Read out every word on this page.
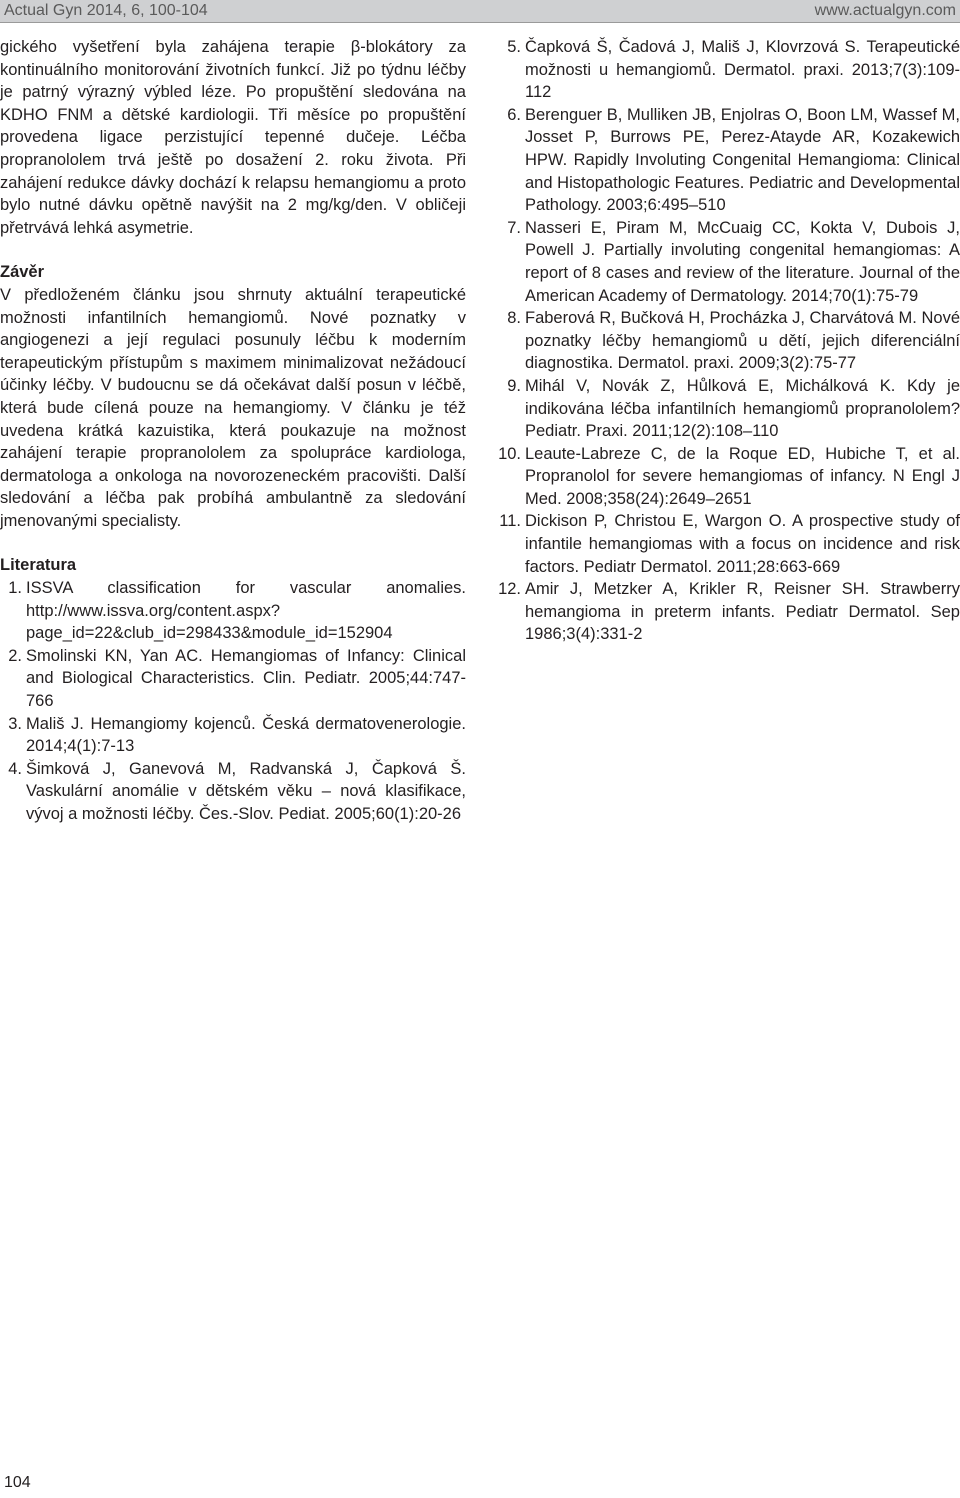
Actual Gyn 2014, 6, 100-104	www.actualgyn.com

gického vyšetření byla zahájena terapie β-blokátory za kontinuálního monitorování životních funkcí. Již po týdnu léčby je patrný výrazný výbled léze. Po propuštění sledována na KDHO FNM a dětské kardiologii. Tři měsíce po propuštění provedena ligace perzistující tepenné dučeje. Léčba propranololem trvá ještě po dosažení 2. roku života. Při zahájení redukce dávky dochází k relapsu hemangiomu a proto bylo nutné dávku opětně navýšit na 2 mg/kg/den. V obličeji přetrvává lehká asymetrie.

Závěr

V předloženém článku jsou shrnuty aktuální terapeutické možnosti infantilních hemangiomů. Nové poznatky v angiogenezi a její regulaci posunuly léčbu k moderním terapeutickým přístupům s maximem minimalizovat nežádoucí účinky léčby. V budoucnu se dá očekávat další posun v léčbě, která bude cílená pouze na hemangiomy. V článku je též uvedena krátká kazuistika, která poukazuje na možnost zahájení terapie propranololem za spolupráce kardiologa, dermatologa a onkologa na novorozeneckém pracovišti. Další sledování a léčba pak probíhá ambulantně za sledování jmenovanými specialisty.

Literatura

1. ISSVA classification for vascular anomalies. http://www.issva.org/content.aspx?page_id=22&club_id=298433&module_id=152904
2. Smolinski KN, Yan AC. Hemangiomas of Infancy: Clinical and Biological Characteristics. Clin. Pediatr. 2005;44:747-766
3. Mališ J. Hemangiomy kojenců. Česká dermatovenerologie. 2014;4(1):7-13
4. Šimková J, Ganevová M, Radvanská J, Čapková Š. Vaskulární anomálie v dětském věku – nová klasifikace, vývoj a možnosti léčby. Čes.-Slov. Pediat. 2005;60(1):20-26
5. Čapková Š, Čadová J, Mališ J, Klovrzová S. Terapeutické možnosti u hemangiomů. Dermatol. praxi. 2013;7(3):109-112
6. Berenguer B, Mulliken JB, Enjolras O, Boon LM, Wassef M, Josset P, Burrows PE, Perez-Atayde AR, Kozakewich HPW. Rapidly Involuting Congenital Hemangioma: Clinical and Histopathologic Features. Pediatric and Developmental Pathology. 2003;6:495–510
7. Nasseri E, Piram M, McCuaig CC, Kokta V, Dubois J, Powell J. Partially involuting congenital hemangiomas: A report of 8 cases and review of the literature. Journal of the American Academy of Dermatology. 2014;70(1):75-79
8. Faberová R, Bučková H, Procházka J, Charvátová M. Nové poznatky léčby hemangiomů u dětí, jejich diferenciální diagnostika. Dermatol. praxi. 2009;3(2):75-77
9. Mihál V, Novák Z, Hůlková E, Michálková K. Kdy je indikována léčba infantilních hemangiomů propranololem? Pediatr. Praxi. 2011;12(2):108–110
10. Leaute-Labreze C, de la Roque ED, Hubiche T, et al. Propranolol for severe hemangiomas of infancy. N Engl J Med. 2008;358(24):2649–2651
11. Dickison P, Christou E, Wargon O. A prospective study of infantile hemangiomas with a focus on incidence and risk factors. Pediatr Dermatol. 2011;28:663-669
12. Amir J, Metzker A, Krikler R, Reisner SH. Strawberry hemangioma in preterm infants. Pediatr Dermatol. Sep 1986;3(4):331-2
104
